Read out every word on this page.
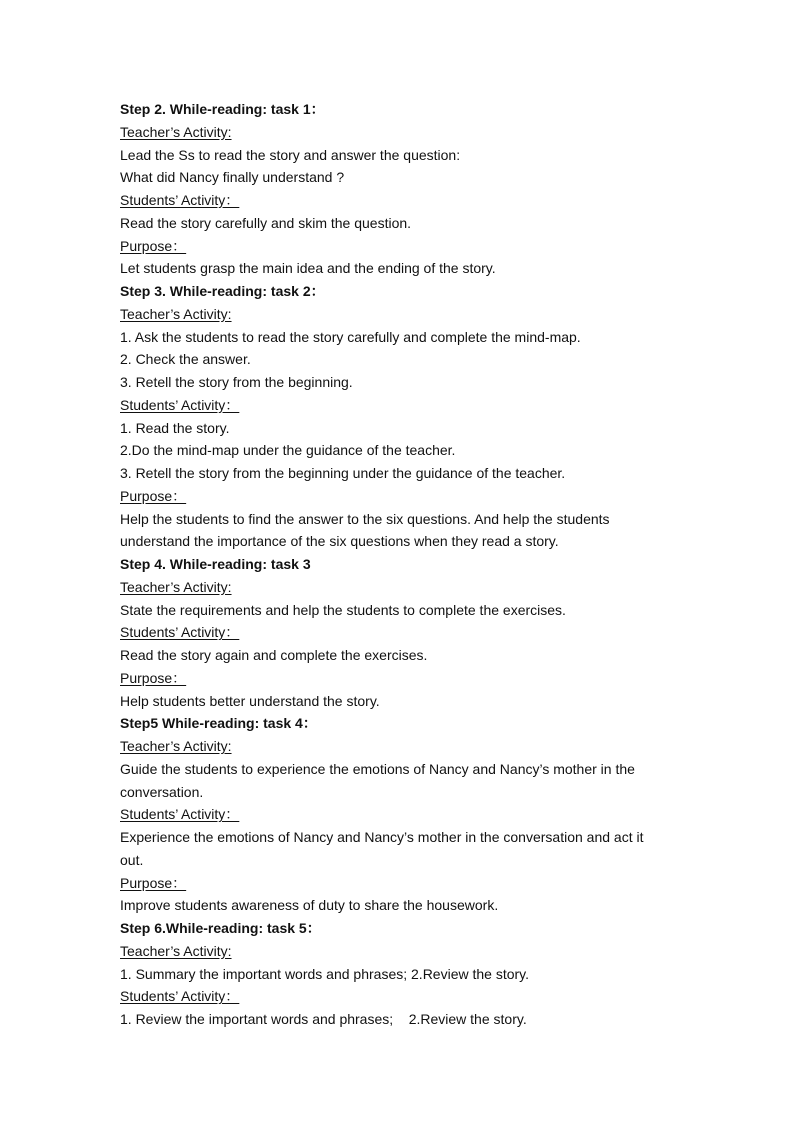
Step 2. While-reading: task 1：
Teacher’s Activity:
Lead the Ss to read the story and answer the question:
What did Nancy finally understand ?
Students’ Activity：
Read the story carefully and skim the question.
Purpose：
Let students grasp the main idea and the ending of the story.
Step 3. While-reading: task 2：
Teacher’s Activity:
1. Ask the students to read the story carefully and complete the mind-map.
2. Check the answer.
3. Retell the story from the beginning.
Students’ Activity：
1. Read the story.
2.Do the mind-map under the guidance of the teacher.
3. Retell the story from the beginning under the guidance of the teacher.
Purpose：
Help the students to find the answer to the six questions. And help the students
understand the importance of the six questions when they read a story.
Step 4. While-reading: task 3
Teacher’s Activity:
State the requirements and help the students to complete the exercises.
Students’ Activity：
Read the story again and complete the exercises.
Purpose：
Help students better understand the story.
Step5 While-reading: task 4：
Teacher’s Activity:
Guide the students to experience the emotions of Nancy and Nancy’s mother in the
conversation.
Students’ Activity：
Experience the emotions of Nancy and Nancy’s mother in the conversation and act it
out.
Purpose：
Improve students awareness of duty to share the housework.
Step 6.While-reading: task 5：
Teacher’s Activity:
1. Summary the important words and phrases; 2.Review the story.
Students’ Activity：
1. Review the important words and phrases;    2.Review the story.
